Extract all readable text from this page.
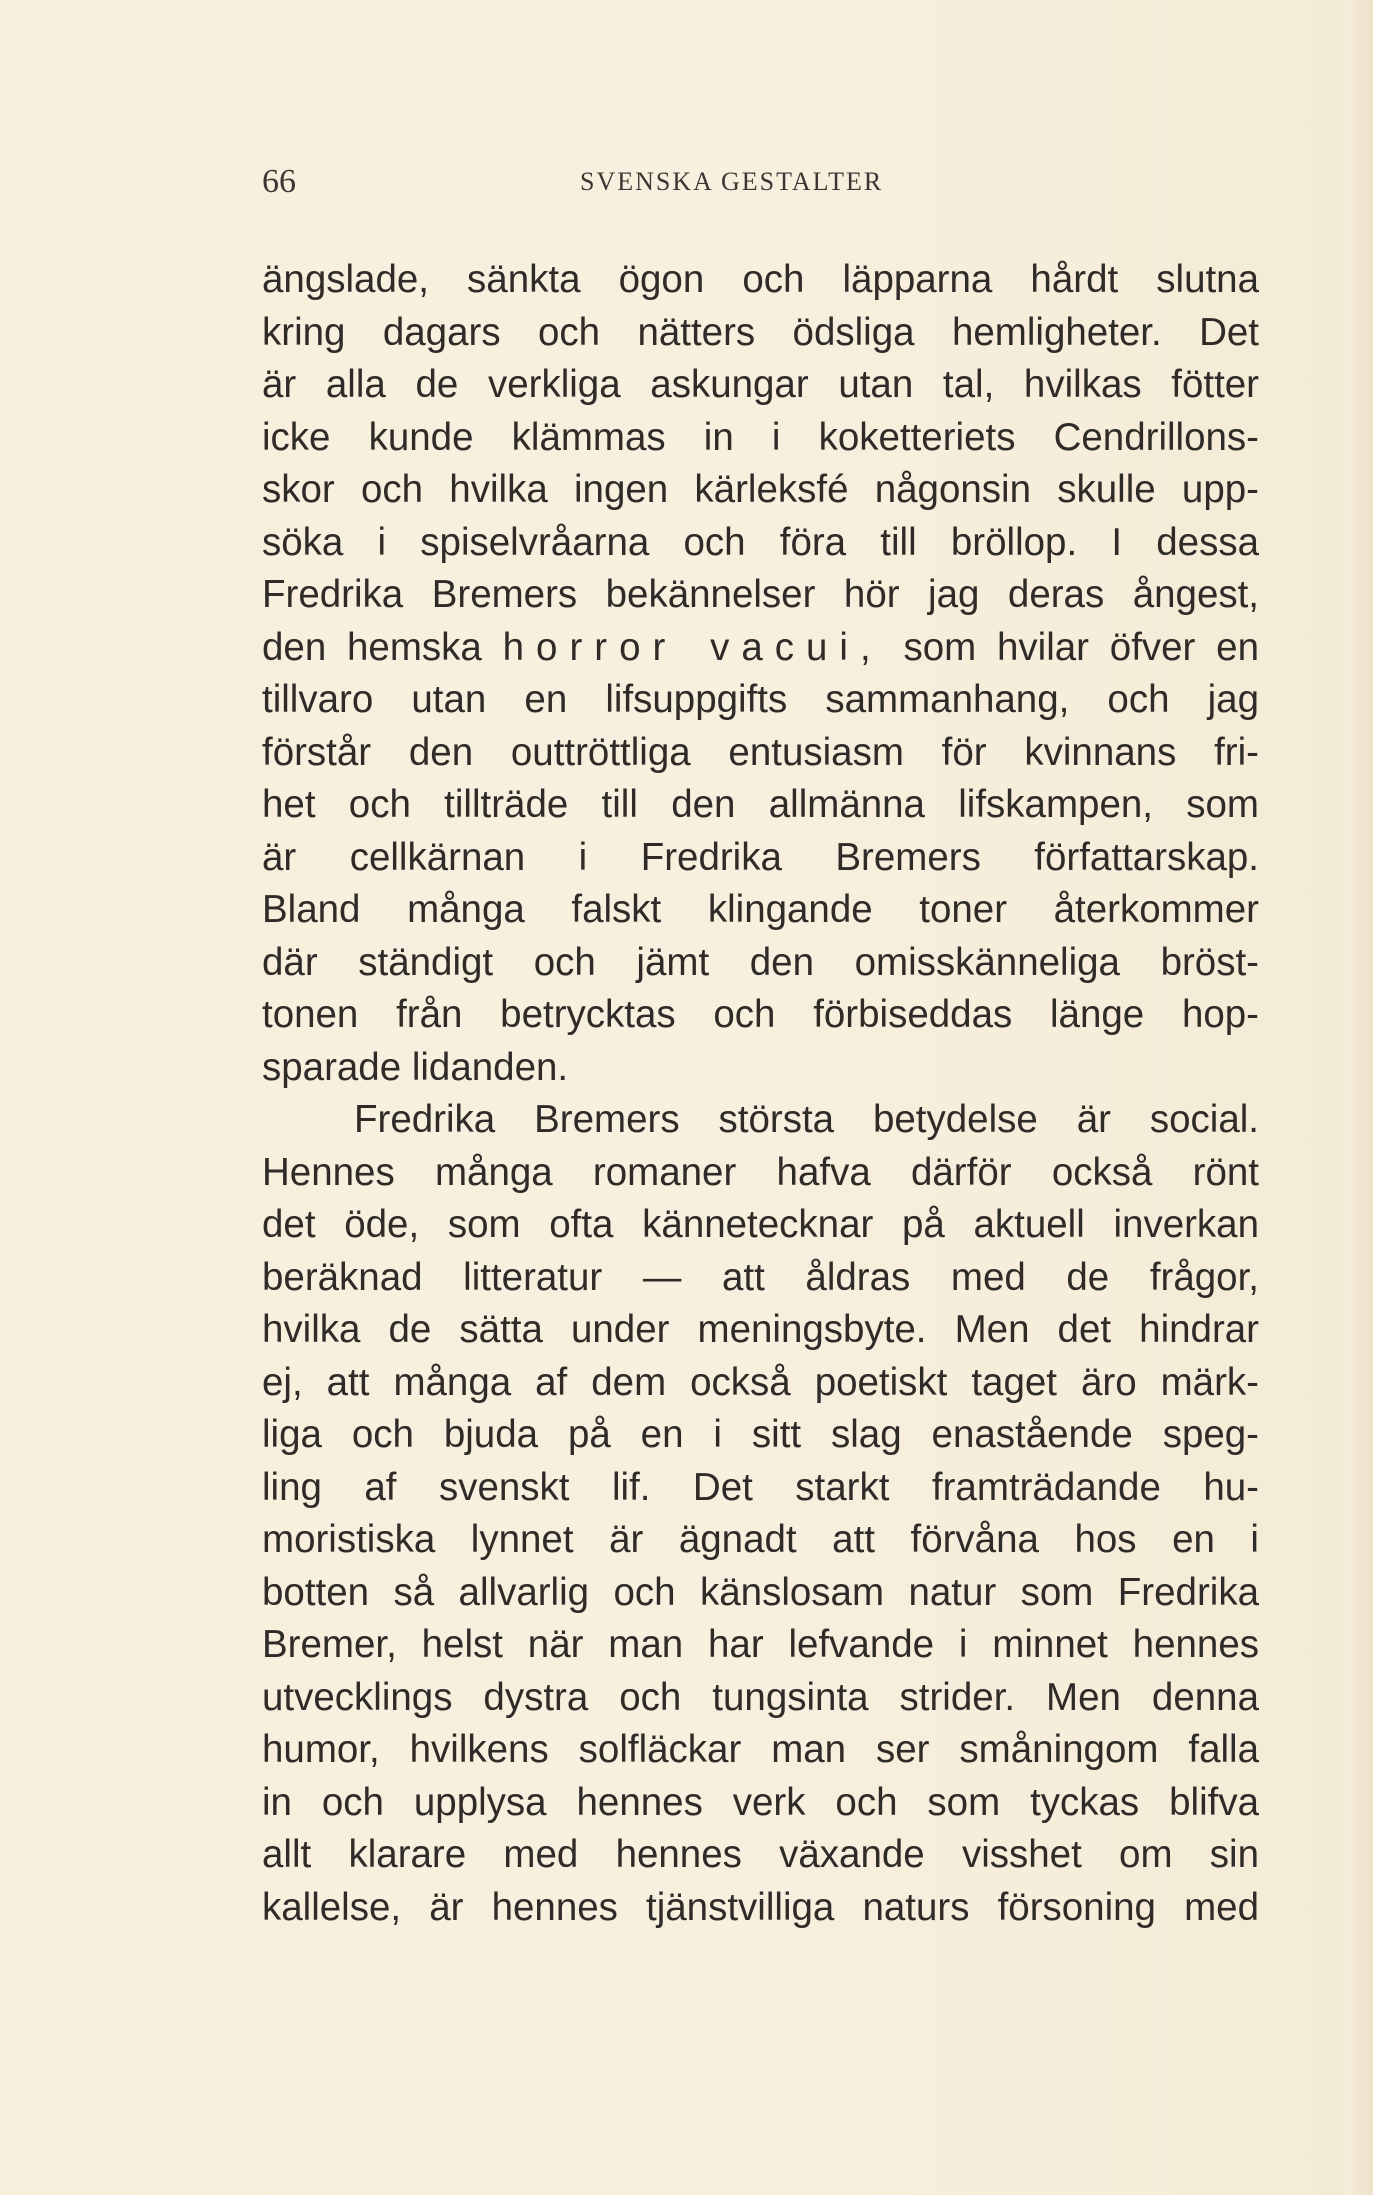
66	SVENSKA GESTALTER
ängslade, sänkta ögon och läpparna hårdt slutna
kring dagars och nätters ödsliga hemligheter. Det
är alla de verkliga askungar utan tal, hvilkas fötter
icke kunde klämmas in i koketteriets Cendrillons-
skor och hvilka ingen kärleksfé någonsin skulle upp-
söka i spiselvråarna och föra till bröllop. I dessa
Fredrika Bremers bekännelser hör jag deras ångest,
den hemska horror vacui, som hvilar öfver en
tillvaro utan en lifsuppgifts sammanhang, och jag
förstår den outtröttliga entusiasm för kvinnans fri-
het och tillträde till den allmänna lifskampen, som
är cellkärnan i Fredrika Bremers författarskap.
Bland många falskt klingande toner återkommer
där ständigt och jämt den omisskänneliga bröst-
tonen från betrycktas och förbiseddas länge hop-
sparade lidanden.
Fredrika Bremers största betydelse är social.
Hennes många romaner hafva därför också rönt
det öde, som ofta kännetecknar på aktuell inverkan
beräknad litteratur — att åldras med de frågor,
hvilka de sätta under meningsbyte. Men det hindrar
ej, att många af dem också poetiskt taget äro märk-
liga och bjuda på en i sitt slag enastående speg-
ling af svenskt lif. Det starkt framträdande hu-
moristiska lynnet är ägnadt att förvåna hos en i
botten så allvarlig och känslosam natur som Fredrika
Bremer, helst när man har lefvande i minnet hennes
utvecklings dystra och tungsinta strider. Men denna
humor, hvilkens solfläckar man ser småningom falla
in och upplysa hennes verk och som tyckas blifva
allt klarare med hennes växande visshet om sin
kallelse, är hennes tjänstvilliga naturs försoning med
